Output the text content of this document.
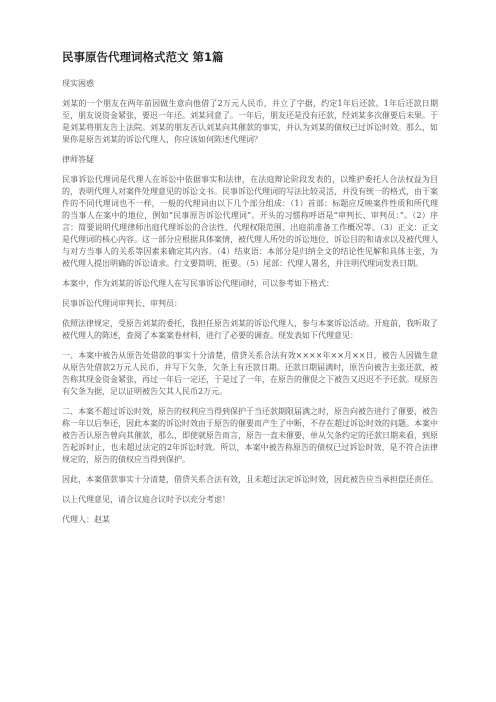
民事原告代理词格式范文 第1篇

现实困惑

刘某的一个朋友在两年前因做生意向他借了2万元人民币，并立了字据，约定1年后还款。1年后还款日期至，朋友说资金紧张，要迟一年还。刘某同意了。一年后，朋友还是没有还款，经刘某多次催要后未果。于是刘某将朋友告上法院。刘某的朋友否认刘某向其催款的事实，并认为刘某的债权已过诉讼时效。那么，如果你是原告刘某的诉讼代理人，你应该如何陈述代理词？

律师答疑

民事诉讼代理词是代理人在诉讼中依据事实和法律，在法庭辩论阶段发表的，以维护委托人合法权益为目的，表明代理人对案件处理意见的诉讼文书。民事诉讼代理词的写法比较灵活，并没有统一的格式，由于案件的不同代理词也不一样，一般的代理词由以下几个部分组成：（1）首部：标题应反映案件性质和所代理的当事人在案中的地位，例如“民事原告诉讼代理词”。开头的习惯称呼语是“审判长、审判员：”。（2）序言：简要说明代理律师出庭代理诉讼的合法性、代理权限范围、出庭前准备工作概况等。（3）正文：正文是代理词的核心内容。这一部分应根据具体案情，被代理人所处的诉讼地位、诉讼目的和请求以及被代理人与对方当事人的关系等因素来确定其内容。（4）结束语：本部分是归纳全文的结论性见解和具体主张，为被代理人提出明确的诉讼请求。行文要简明、扼要。（5）尾部：代理人署名，并注明代理词发表日期。

本案中，作为刘某的诉讼代理人在写民事诉讼代理词时，可以参考如下格式：

民事诉讼代理词审判长、审判员：

依照法律规定，受原告刘某的委托，我担任原告刘某的诉讼代理人，参与本案诉讼活动。开庭前，我听取了被代理人的陈述，查阅了本案案卷材料，进行了必要的调查。现发表如下代理意见：

一、本案中被告从原告处借款的事实十分清楚，借贷关系合法有效××××年××月××日，被告人因做生意从原告处借款2万元人民币，并写下欠条，欠条上有还款日期。还款日期届满时，原告向被告主张还款，被告称其现金资金紧张，再过一年后一定还，于是过了一年，在原告的催促之下被告又迟迟不予还款。现原告有欠条为据，足以证明被告欠其人民币2万元。

二、本案不超过诉讼时效，原告的权利应当得到保护于当还款期限届满之时，原告向被告进行了催要，被告称一年以后奉还，因此本案的诉讼时效由于原告的催要而产生了中断，不存在超过诉讼时效的问题。本案中被告否认原告曾向其催款，那么，即使就原告而言，原告一直未催要，单从欠条约定的还款日期来看，到原告起诉时止，也未超过法定的2年诉讼时效。所以，本案中被告称原告的债权已过诉讼时效，是不符合法律规定的，原告的债权应当得到保护。

因此，本案借款事实十分清楚，借贷关系合法有效，且未超过法定诉讼时效，因此被告应当承担偿还责任。

以上代理意见，请合议庭合议时予以充分考虑！

代理人：赵某
